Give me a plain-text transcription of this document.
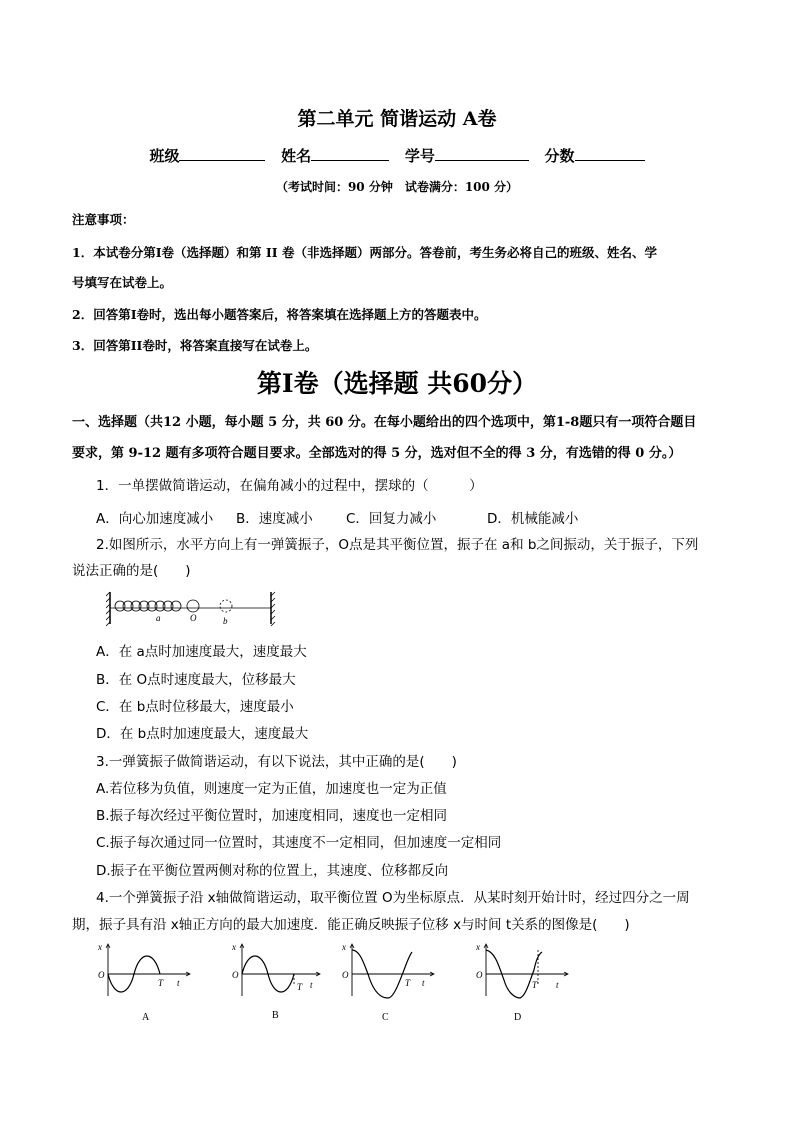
第二单元 简谐运动 A卷
班级	姓名	学号	分数
（考试时间：90 分钟　试卷满分：100 分）
注意事项：
1．本试卷分第Ⅰ卷（选择题）和第 II 卷（非选择题）两部分。答卷前，考生务必将自己的班级、姓名、学
号填写在试卷上。
2．回答第Ⅰ卷时，选出每小题答案后，将答案填在选择题上方的答题表中。
3．回答第II卷时，将答案直接写在试卷上。
第Ⅰ卷（选择题 共60分）
一、选择题（共12 小题，每小题 5 分，共 60 分。在每小题给出的四个选项中，第1-8题只有一项符合题目
要求，第 9-12 题有多项符合题目要求。全部选对的得 5 分，选对但不全的得 3 分，有选错的得 0 分。）
1．一单摆做简谐运动，在偏角减小的过程中，摆球的（　　　）
A．向心加速度减小 B．速度减小 C．回复力减小	D．机械能减小
2.如图所示，水平方向上有一弹簧振子，O点是其平衡位置，振子在 a和 b之间振动，关于振子，下列
说法正确的是(　　)
a	O	b
A．在 a点时加速度最大，速度最大
B．在 O点时速度最大，位移最大
C．在 b点时位移最大，速度最小
D．在 b点时加速度最大，速度最大
3.一弹簧振子做简谐运动，有以下说法，其中正确的是(　　)
A.若位移为负值，则速度一定为正值，加速度也一定为正值
B.振子每次经过平衡位置时，加速度相同，速度也一定相同
C.振子每次通过同一位置时，其速度不一定相同，但加速度一定相同
D.振子在平衡位置两侧对称的位置上，其速度、位移都反向
4.一个弹簧振子沿 x轴做简谐运动，取平衡位置 O为坐标原点．从某时刻开始计时，经过四分之一周
期，振子具有沿 x轴正方向的最大加速度．能正确反映振子位移 x与时间 t关系的图像是(　　)
x
O
T t
A
x
O
T t
B
x
O
T t
C
x
O
T t
D
